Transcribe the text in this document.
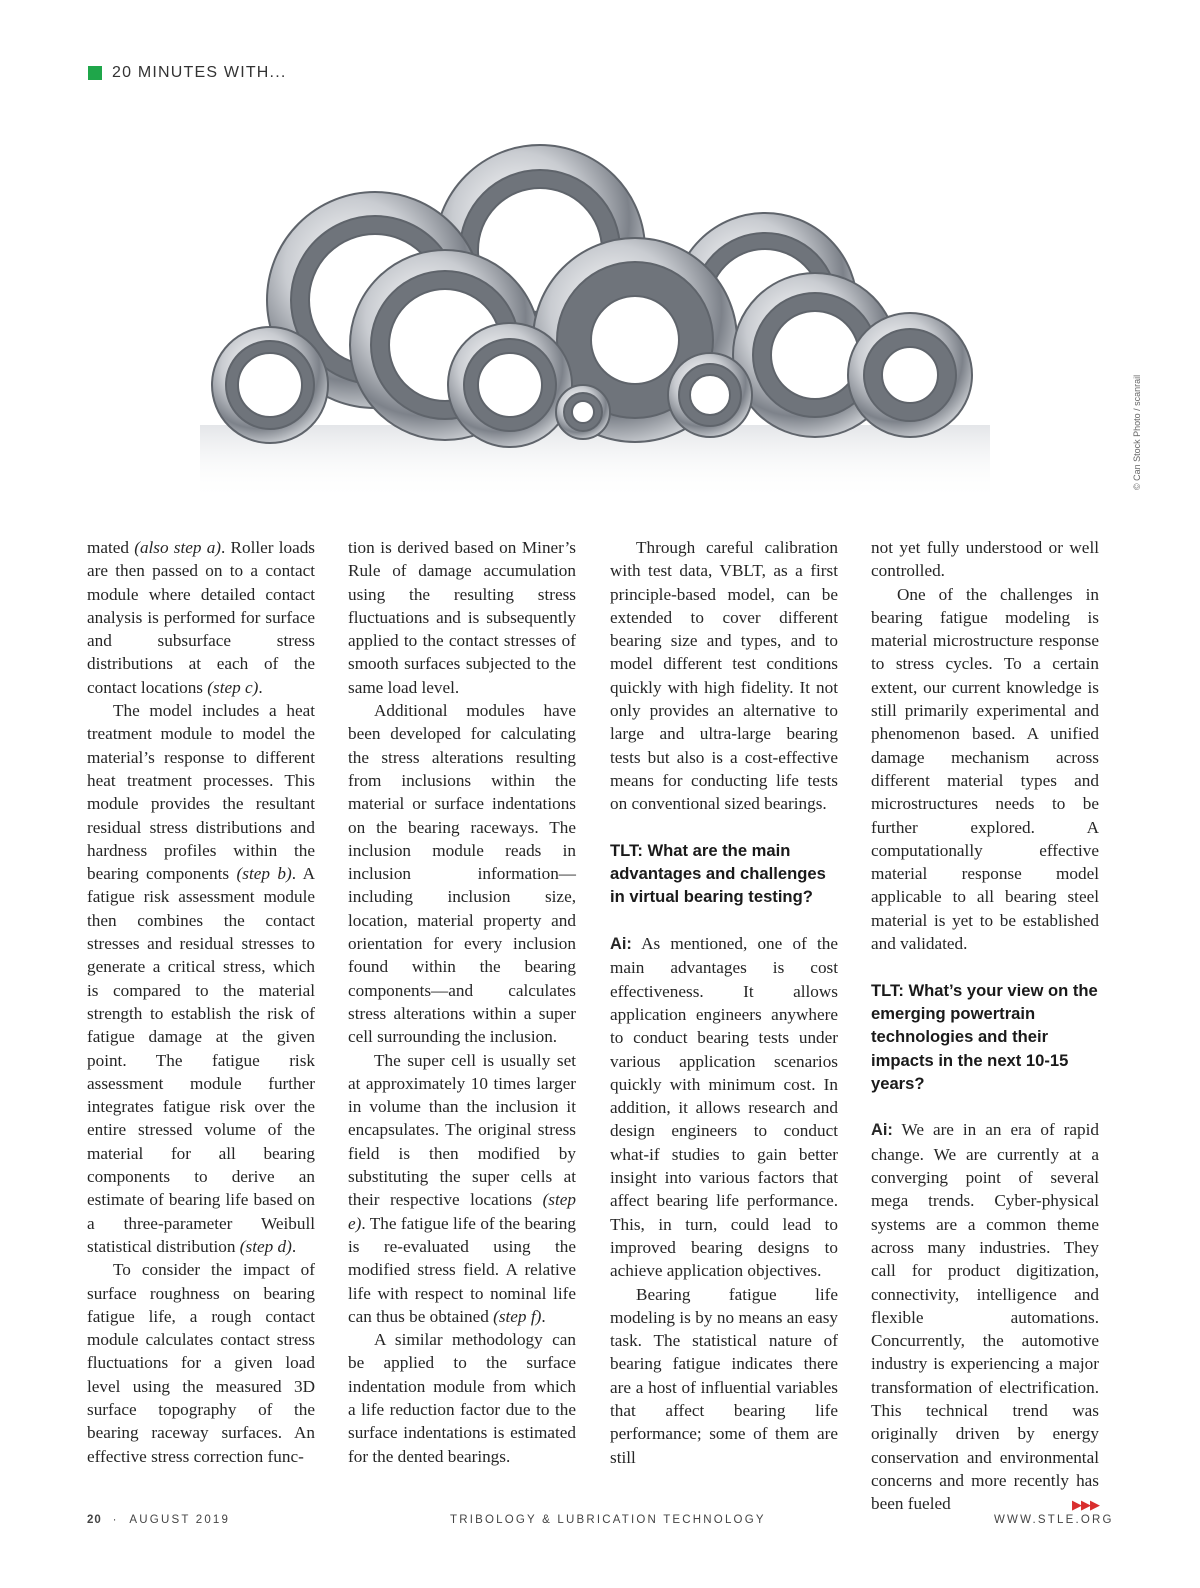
20 MINUTES WITH...
© Can Stock Photo / scanrail

mated (also step a). Roller loads are then passed on to a contact module where detailed contact analysis is performed for surface and subsurface stress distributions at each of the contact locations (step c).

The model includes a heat treatment module to model the material’s response to different heat treatment processes. This module provides the resultant residual stress distributions and hardness profiles within the bearing components (step b). A fatigue risk assessment module then combines the contact stresses and residual stresses to generate a critical stress, which is compared to the material strength to establish the risk of fatigue damage at the given point. The fatigue risk assessment module further integrates fatigue risk over the entire stressed volume of the material for all bearing components to derive an estimate of bearing life based on a three-parameter Weibull statistical distribution (step d).

To consider the impact of surface roughness on bearing fatigue life, a rough contact module calculates contact stress fluctuations for a given load level using the measured 3D surface topography of the bearing raceway surfaces. An effective stress correction func-

tion is derived based on Miner’s Rule of damage accumulation using the resulting stress fluctuations and is subsequently applied to the contact stresses of smooth surfaces subjected to the same load level.

Additional modules have been developed for calculating the stress alterations resulting from inclusions within the material or surface indentations on the bearing raceways. The inclusion module reads in inclusion information—including inclusion size, location, material property and orientation for every inclusion found within the bearing components—and calculates stress alterations within a super cell surrounding the inclusion.

The super cell is usually set at approximately 10 times larger in volume than the inclusion it encapsulates. The original stress field is then modified by substituting the super cells at their respective locations (step e). The fatigue life of the bearing is re-evaluated using the modified stress field. A relative life with respect to nominal life can thus be obtained (step f).

A similar methodology can be applied to the surface indentation module from which a life reduction factor due to the surface indentations is estimated for the dented bearings.

Through careful calibration with test data, VBLT, as a first principle-based model, can be extended to cover different bearing size and types, and to model different test conditions quickly with high fidelity. It not only provides an alternative to large and ultra-large bearing tests but also is a cost-effective means for conducting life tests on conventional sized bearings.

TLT: What are the main advantages and challenges in virtual bearing testing?

Ai: As mentioned, one of the main advantages is cost effectiveness. It allows application engineers anywhere to conduct bearing tests under various application scenarios quickly with minimum cost. In addition, it allows research and design engineers to conduct what-if studies to gain better insight into various factors that affect bearing life performance. This, in turn, could lead to improved bearing designs to achieve application objectives.

Bearing fatigue life modeling is by no means an easy task. The statistical nature of bearing fatigue indicates there are a host of influential variables that affect bearing life performance; some of them are still

not yet fully understood or well controlled.

One of the challenges in bearing fatigue modeling is material microstructure response to stress cycles. To a certain extent, our current knowledge is still primarily experimental and phenomenon based. A unified damage mechanism across different material types and microstructures needs to be further explored. A computationally effective material response model applicable to all bearing steel material is yet to be established and validated.

TLT: What’s your view on the emerging powertrain technologies and their impacts in the next 10-15 years?

Ai: We are in an era of rapid change. We are currently at a converging point of several mega trends. Cyber-physical systems are a common theme across many industries. They call for product digitization, connectivity, intelligence and flexible automations. Concurrently, the automotive industry is experiencing a major transformation of electrification. This technical trend was originally driven by energy conservation and environmental concerns and more recently has been fueled	▶▶▶

20 · AUGUST 2019	TRIBOLOGY & LUBRICATION TECHNOLOGY	WWW.STLE.ORG
